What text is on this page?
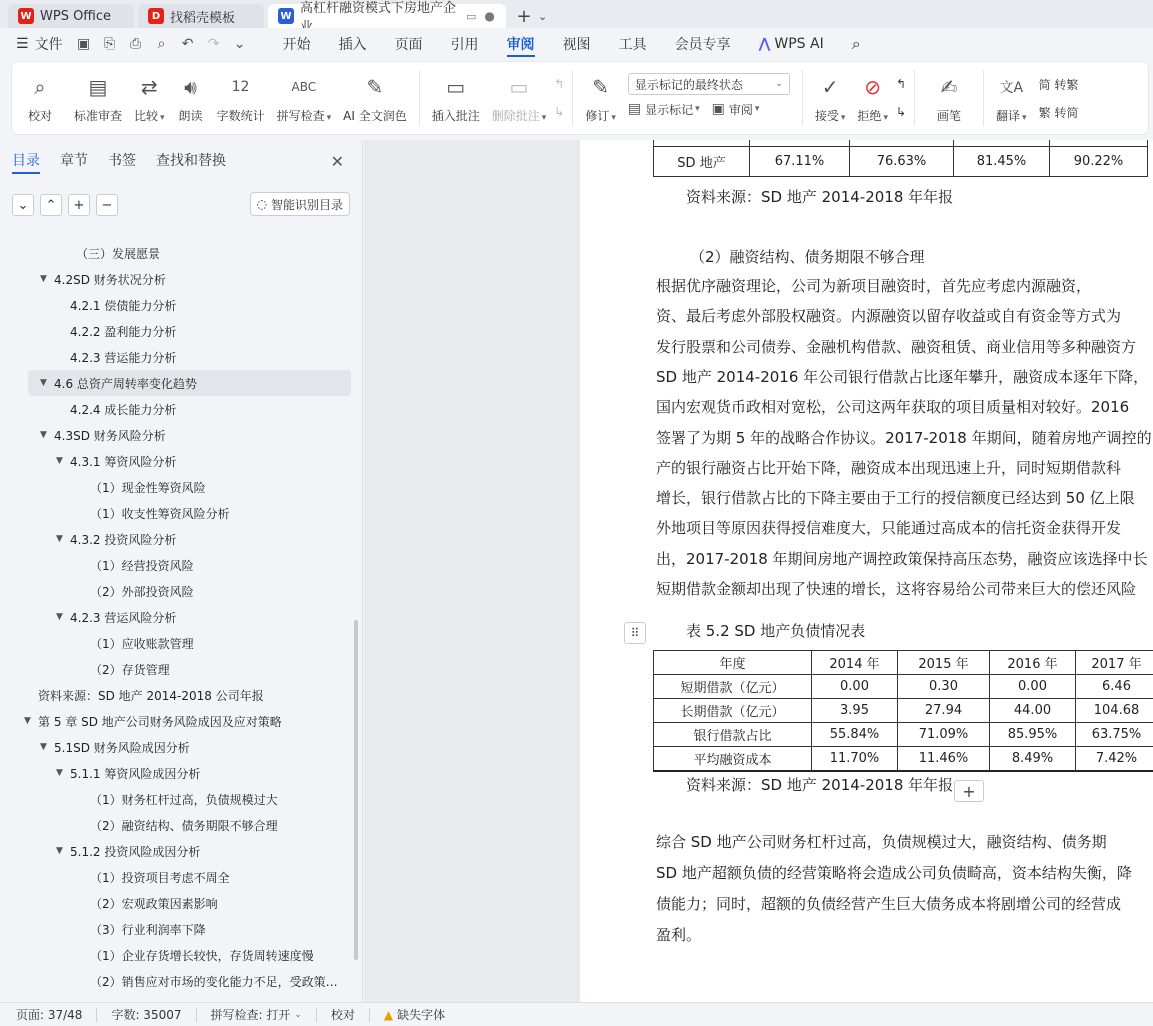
W WPS Office	D 找稻壳模板	W 高杠杆融资模式下房地产企 ▭ ●	+ ⌄
☰ 文件	▣ ⎘	⎙	⌕	↶	↷	⌄	开始 插入 页面 引用 审阅 视图 工具 会员专享 ⋀ WPS AI ⌕
⌕
校对
▤
标准审查
⇄
比较 ▾
🔊︎
朗读
12
字数统计
ABC
拼写检查 ▾
✎
AI 全文润色
▭
插入批注
▭
删除批注 ▾
↰
↳
✎
修订 ▾
显示标记的最终状态	⌄
▤ 显示标记 ▾ ▣ 审阅 ▾
✓
接受 ▾
⊘
拒绝 ▾
↰
↳
✍
画笔
文A
翻译 ▾
简 转繁
繁 转简
目录 章节 书签 查找和替换	✕
⌄	⌃	+	−	◌ 智能识别目录
（三）发展愿景
▼ 4.2SD 财务状况分析
4.2.1 偿债能力分析
4.2.2 盈利能力分析
4.2.3 营运能力分析
▼ 4.6 总资产周转率变化趋势
4.2.4 成长能力分析
▼ 4.3SD 财务风险分析
▼ 4.3.1 筹资风险分析
（1）现金性筹资风险
（1）收支性筹资风险分析
▼ 4.3.2 投资风险分析
（1）经营投资风险
（2）外部投资风险
▼ 4.2.3 营运风险分析
（1）应收账款管理
（2）存货管理
资料来源：SD 地产 2014-2018 公司年报
▼ 第 5 章 SD 地产公司财务风险成因及应对策略
▼ 5.1SD 财务风险成因分析
▼ 5.1.1 筹资风险成因分析
（1）财务杠杆过高，负债规模过大
（2）融资结构、债务期限不够合理
▼ 5.1.2 投资风险成因分析
（1）投资项目考虑不周全
（2）宏观政策因素影响
（3）行业利润率下降
（1）企业存货增长较快，存货周转速度慢
（2）销售应对市场的变化能力不足，受政策…

SD 地产	67.11%	76.63%	81.45%	90.22%
资料来源：SD 地产 2014-2018 年年报
（2）融资结构、债务期限不够合理
根据优序融资理论，公司为新项目融资时，首先应考虑内源融资，
资、最后考虑外部股权融资。内源融资以留存收益或自有资金等方式为
发行股票和公司债券、金融机构借款、融资租赁、商业信用等多种融资方
SD 地产 2014-2016 年公司银行借款占比逐年攀升，融资成本逐年下降，
国内宏观货币政相对宽松，公司这两年获取的项目质量相对较好。2016
签署了为期 5 年的战略合作协议。2017-2018 年期间，随着房地产调控的
产的银行融资占比开始下降，融资成本出现迅速上升，同时短期借款科
增长，银行借款占比的下降主要由于工行的授信额度已经达到 50 亿上限
外地项目等原因获得授信难度大，只能通过高成本的信托资金获得开发
出，2017-2018 年期间房地产调控政策保持高压态势，融资应该选择中长
短期借款金额却出现了快速的增长，这将容易给公司带来巨大的偿还风险
表 5.2 SD 地产负债情况表
⠿
年度	2014 年	2015 年	2016 年	2017 年
短期借款（亿元）	0.00	0.30	0.00	6.46
长期借款（亿元）	3.95	27.94	44.00	104.68
银行借款占比	55.84%	71.09%	85.95%	63.75%
平均融资成本	11.70%	11.46%	8.49%	7.42%
资料来源：SD 地产 2014-2018 年年报 +
综合 SD 地产公司财务杠杆过高，负债规模过大，融资结构、债务期
SD 地产超额负债的经营策略将会造成公司负债畸高，资本结构失衡，降
债能力；同时，超额的负债经营产生巨大债务成本将剧增公司的经营成
盈利。
页面: 37/48 字数: 35007 拼写检查: 打开 ⌄ 校对 ▲ 缺失字体
